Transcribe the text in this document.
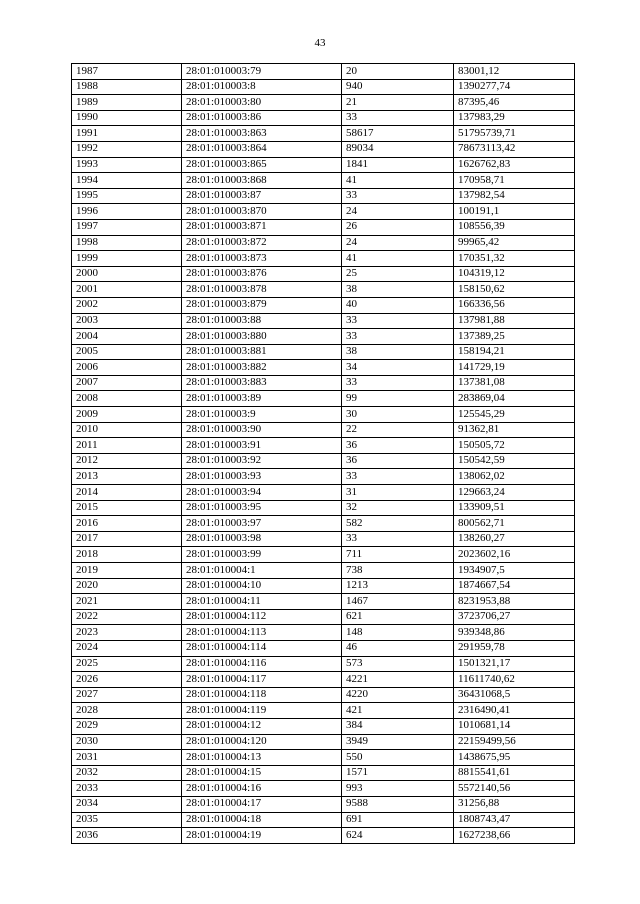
43
1987	28:01:010003:79	20	83001,12
1988	28:01:010003:8	940	1390277,74
1989	28:01:010003:80	21	87395,46
1990	28:01:010003:86	33	137983,29
1991	28:01:010003:863	58617	51795739,71
1992	28:01:010003:864	89034	78673113,42
1993	28:01:010003:865	1841	1626762,83
1994	28:01:010003:868	41	170958,71
1995	28:01:010003:87	33	137982,54
1996	28:01:010003:870	24	100191,1
1997	28:01:010003:871	26	108556,39
1998	28:01:010003:872	24	99965,42
1999	28:01:010003:873	41	170351,32
2000	28:01:010003:876	25	104319,12
2001	28:01:010003:878	38	158150,62
2002	28:01:010003:879	40	166336,56
2003	28:01:010003:88	33	137981,88
2004	28:01:010003:880	33	137389,25
2005	28:01:010003:881	38	158194,21
2006	28:01:010003:882	34	141729,19
2007	28:01:010003:883	33	137381,08
2008	28:01:010003:89	99	283869,04
2009	28:01:010003:9	30	125545,29
2010	28:01:010003:90	22	91362,81
2011	28:01:010003:91	36	150505,72
2012	28:01:010003:92	36	150542,59
2013	28:01:010003:93	33	138062,02
2014	28:01:010003:94	31	129663,24
2015	28:01:010003:95	32	133909,51
2016	28:01:010003:97	582	800562,71
2017	28:01:010003:98	33	138260,27
2018	28:01:010003:99	711	2023602,16
2019	28:01:010004:1	738	1934907,5
2020	28:01:010004:10	1213	1874667,54
2021	28:01:010004:11	1467	8231953,88
2022	28:01:010004:112	621	3723706,27
2023	28:01:010004:113	148	939348,86
2024	28:01:010004:114	46	291959,78
2025	28:01:010004:116	573	1501321,17
2026	28:01:010004:117	4221	11611740,62
2027	28:01:010004:118	4220	36431068,5
2028	28:01:010004:119	421	2316490,41
2029	28:01:010004:12	384	1010681,14
2030	28:01:010004:120	3949	22159499,56
2031	28:01:010004:13	550	1438675,95
2032	28:01:010004:15	1571	8815541,61
2033	28:01:010004:16	993	5572140,56
2034	28:01:010004:17	9588	31256,88
2035	28:01:010004:18	691	1808743,47
2036	28:01:010004:19	624	1627238,66
